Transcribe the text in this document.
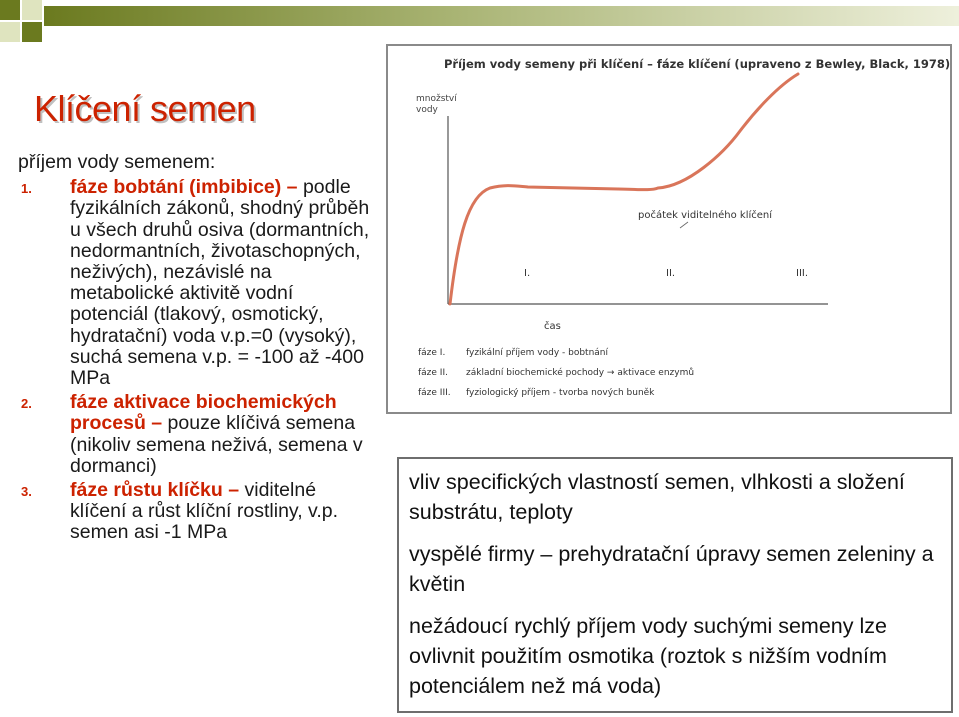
Klíčení semen

příjem vody semenem:

1. fáze bobtání (imbibice) – podle fyzikálních zákonů, shodný průběh u všech druhů osiva (dormantních, nedormantních, životaschopných, neživých), nezávislé na metabolické aktivitě vodní potenciál (tlakový, osmotický, hydratační) voda v.p.=0 (vysoký), suchá semena v.p. = -100 až -400 MPa
2. fáze aktivace biochemických procesů – pouze klíčivá semena (nikoliv semena neživá, semena v dormanci)
3. fáze růstu klíčku – viditelné klíčení a růst klíční rostliny, v.p. semen asi -1 MPa
Příjem vody semeny při klíčení – fáze klíčení (upraveno z Bewley, Black, 1978)
množství
vody
počátek viditelného klíčení
I.	II.	III.
čas
fáze I. fyzikální příjem vody - bobtnání
fáze II. základní biochemické pochody → aktivace enzymů
fáze III. fyziologický příjem - tvorba nových buněk

vliv specifických vlastností semen, vlhkosti a složení substrátu, teploty

vyspělé firmy – prehydratační úpravy semen zeleniny a květin

nežádoucí rychlý příjem vody suchými semeny lze ovlivnit použitím osmotika (roztok s nižším vodním potenciálem než má voda)
